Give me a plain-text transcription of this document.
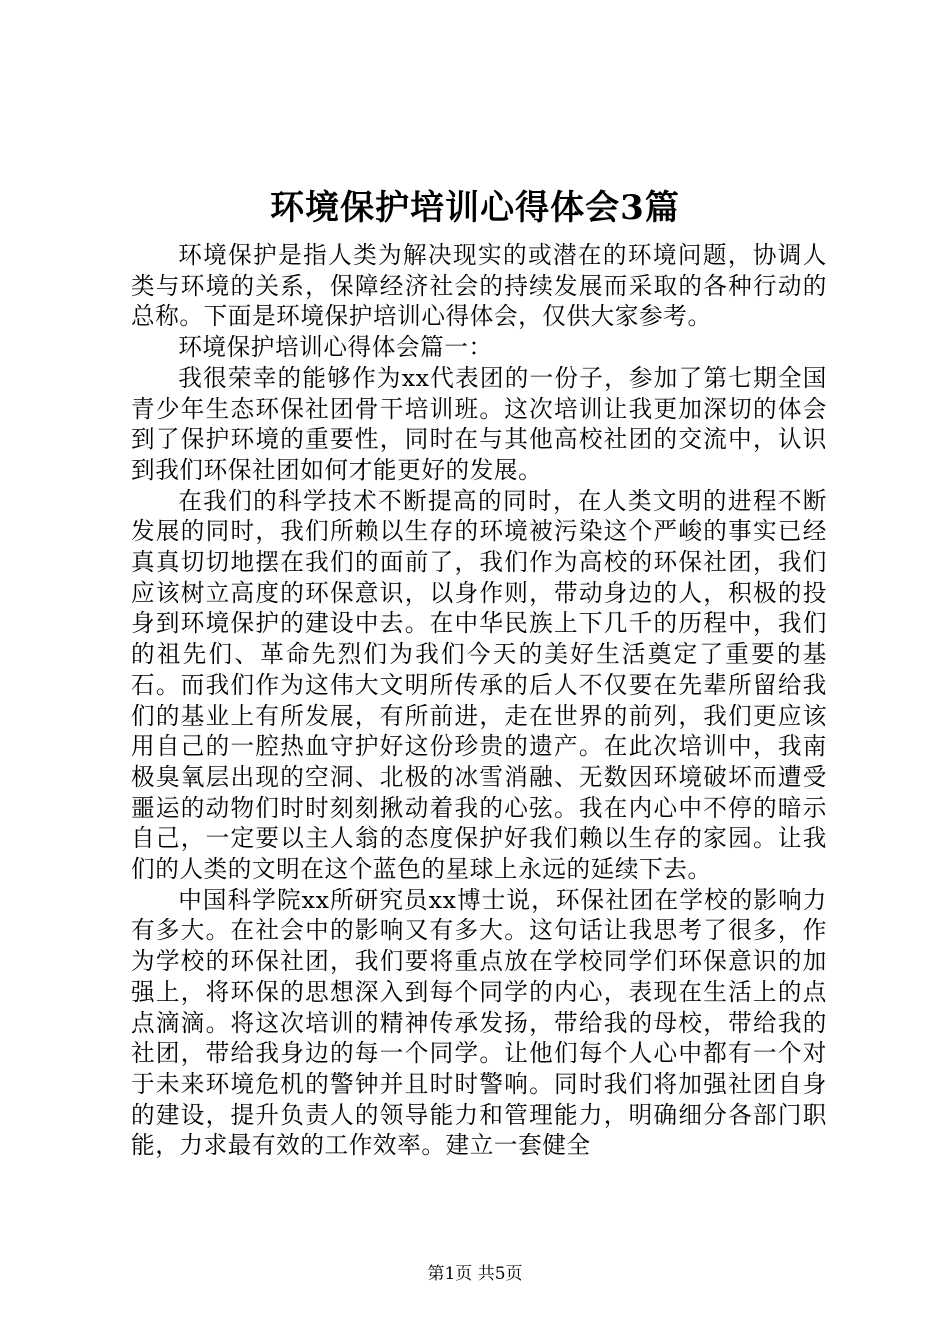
环境保护培训心得体会3篇

环境保护是指人类为解决现实的或潜在的环境问题，协调人类与环境的关系，保障经济社会的持续发展而采取的各种行动的总称。下面是环境保护培训心得体会，仅供大家参考。

环境保护培训心得体会篇一：

我很荣幸的能够作为xx代表团的一份子，参加了第七期全国青少年生态环保社团骨干培训班。这次培训让我更加深切的体会到了保护环境的重要性，同时在与其他高校社团的交流中，认识到我们环保社团如何才能更好的发展。

在我们的科学技术不断提高的同时，在人类文明的进程不断发展的同时，我们所赖以生存的环境被污染这个严峻的事实已经真真切切地摆在我们的面前了，我们作为高校的环保社团，我们应该树立高度的环保意识，以身作则，带动身边的人，积极的投身到环境保护的建设中去。在中华民族上下几千的历程中，我们的祖先们、革命先烈们为我们今天的美好生活奠定了重要的基石。而我们作为这伟大文明所传承的后人不仅要在先辈所留给我们的基业上有所发展，有所前进，走在世界的前列，我们更应该用自己的一腔热血守护好这份珍贵的遗产。在此次培训中，我南极臭氧层出现的空洞、北极的冰雪消融、无数因环境破坏而遭受噩运的动物们时时刻刻揪动着我的心弦。我在内心中不停的暗示自己，一定要以主人翁的态度保护好我们赖以生存的家园。让我们的人类的文明在这个蓝色的星球上永远的延续下去。

中国科学院xx所研究员xx博士说，环保社团在学校的影响力有多大。在社会中的影响又有多大。这句话让我思考了很多，作为学校的环保社团，我们要将重点放在学校同学们环保意识的加强上，将环保的思想深入到每个同学的内心，表现在生活上的点点滴滴。将这次培训的精神传承发扬，带给我的母校，带给我的社团，带给我身边的每一个同学。让他们每个人心中都有一个对于未来环境危机的警钟并且时时警响。同时我们将加强社团自身的建设，提升负责人的领导能力和管理能力，明确细分各部门职能，力求最有效的工作效率。建立一套健全

第1页 共5页
